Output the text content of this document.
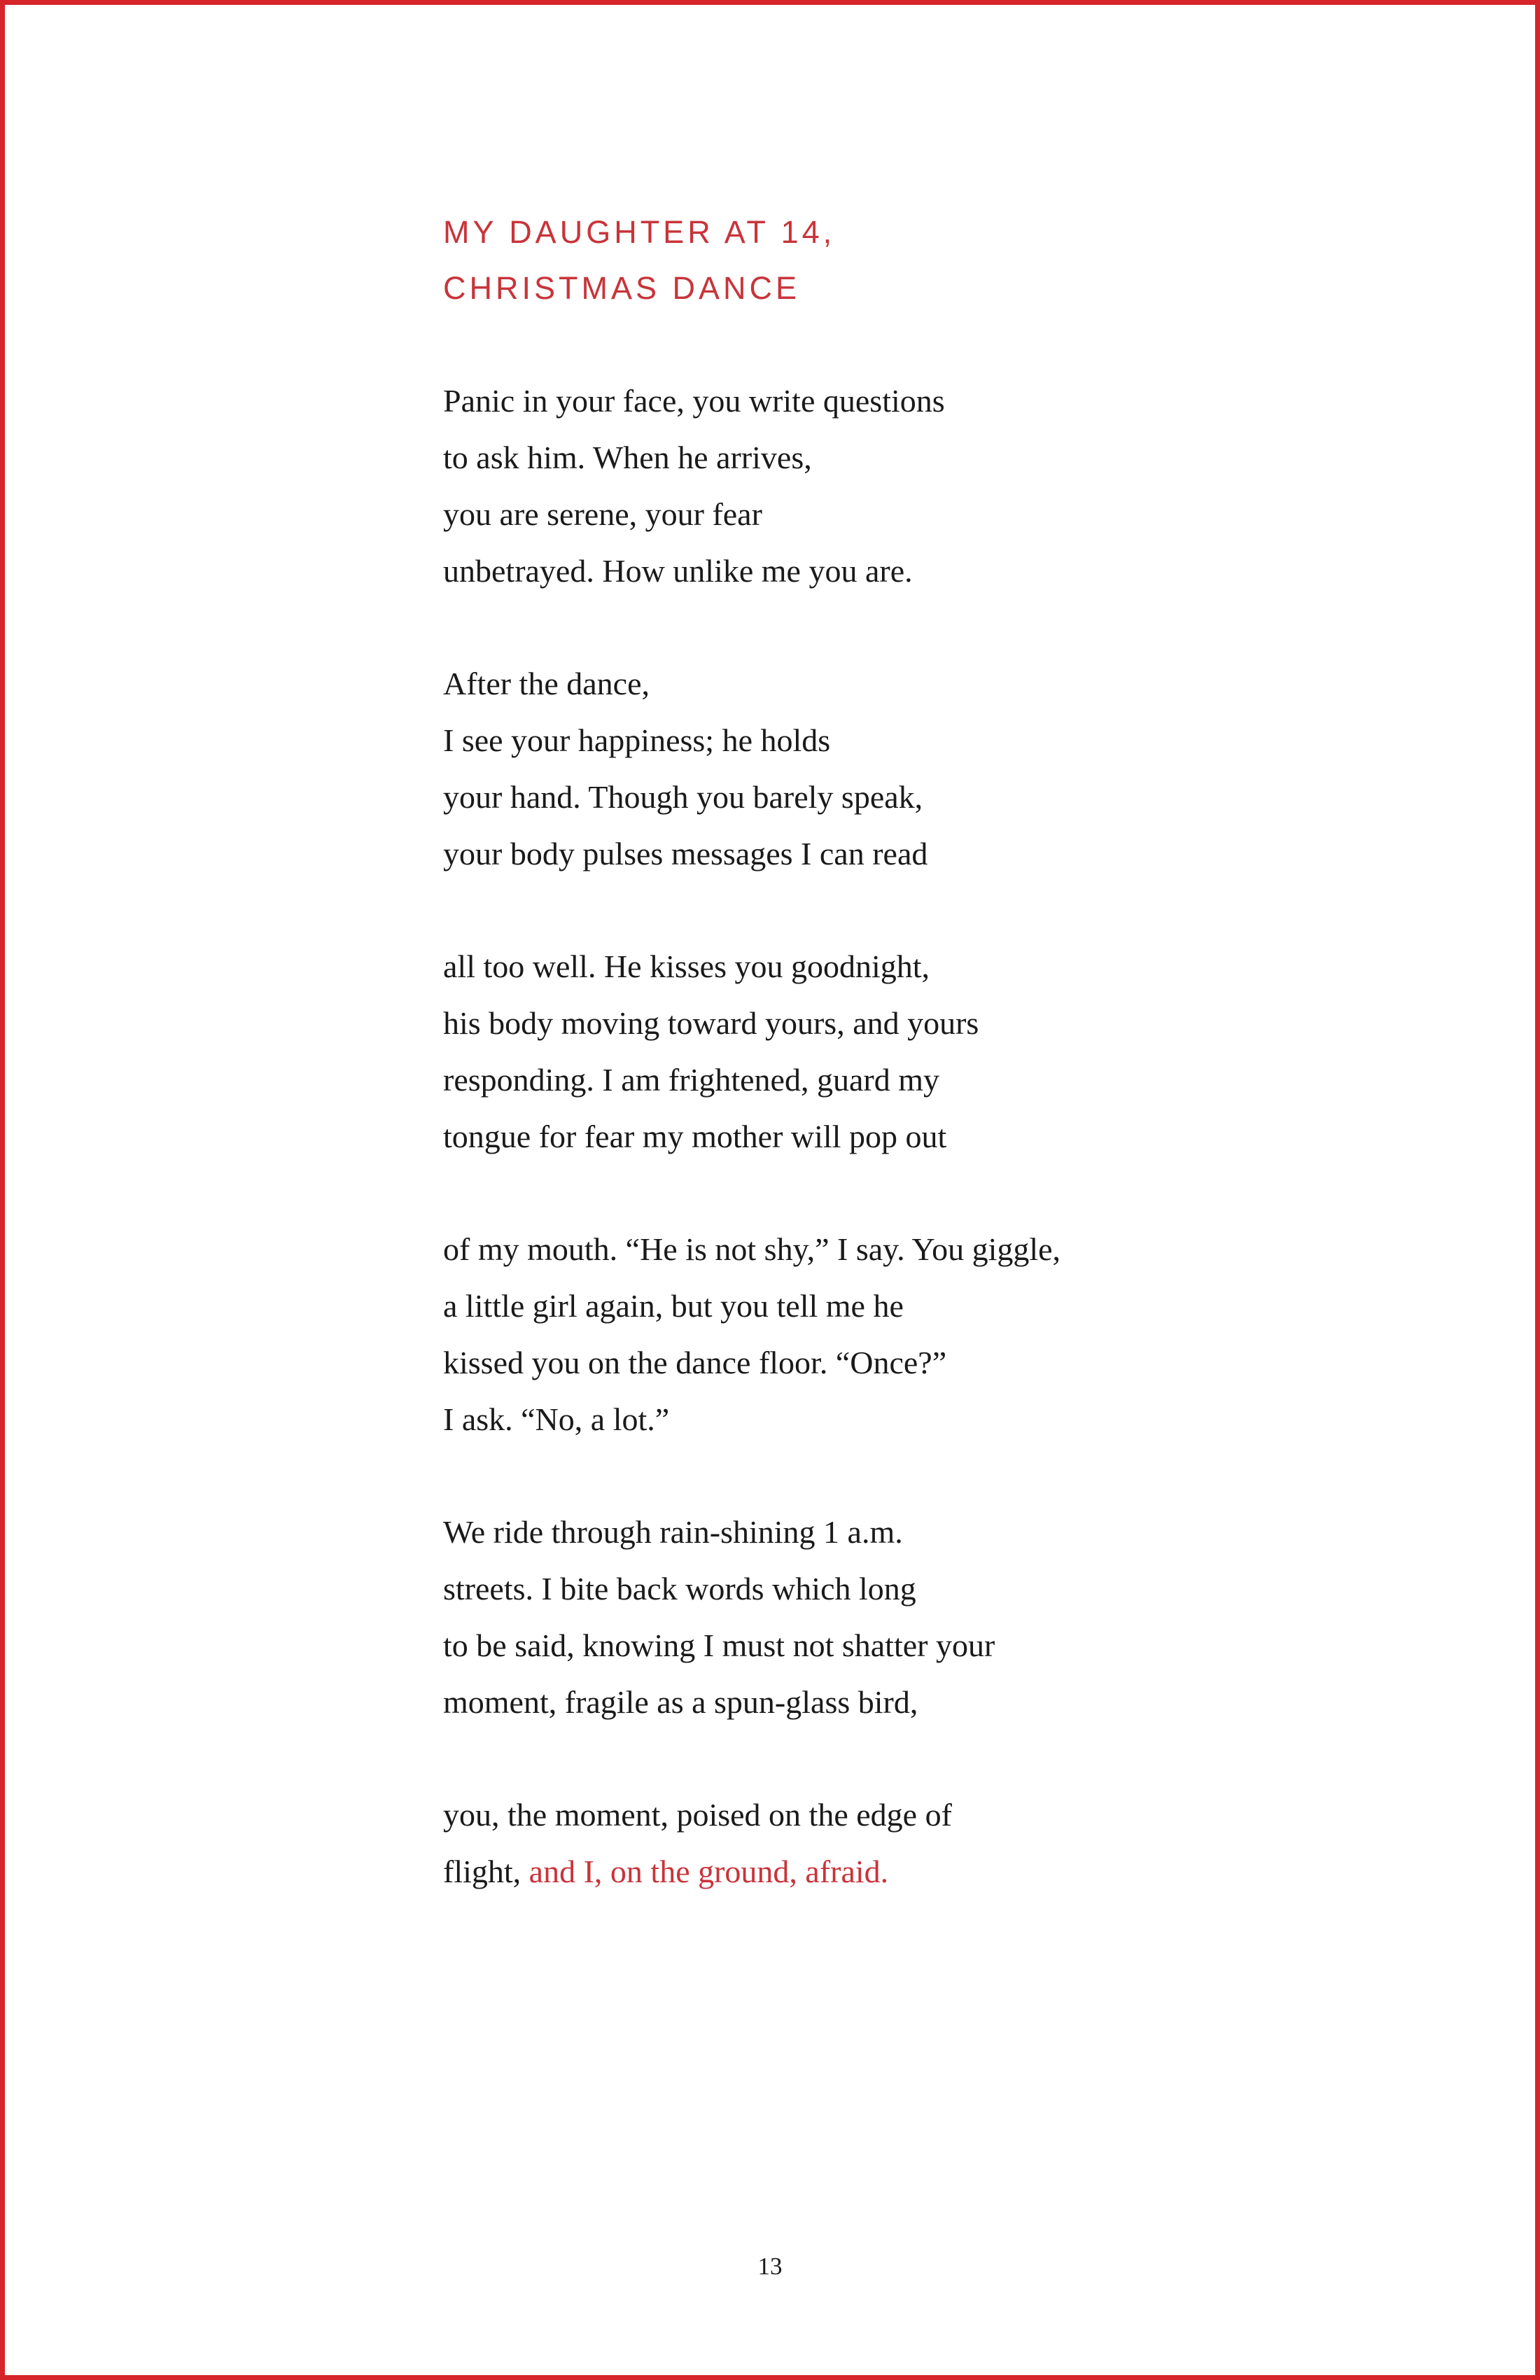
MY DAUGHTER AT 14,
CHRISTMAS DANCE
Panic in your face, you write questions
to ask him. When he arrives,
you are serene, your fear
unbetrayed. How unlike me you are.
After the dance,
I see your happiness; he holds
your hand. Though you barely speak,
your body pulses messages I can read
all too well. He kisses you goodnight,
his body moving toward yours, and yours
responding. I am frightened, guard my
tongue for fear my mother will pop out
of my mouth. “He is not shy,” I say. You giggle,
a little girl again, but you tell me he
kissed you on the dance floor. “Once?”
I ask. “No, a lot.”
We ride through rain-shining 1 a.m.
streets. I bite back words which long
to be said, knowing I must not shatter your
moment, fragile as a spun-glass bird,
you, the moment, poised on the edge of
flight, and I, on the ground, afraid.
13
